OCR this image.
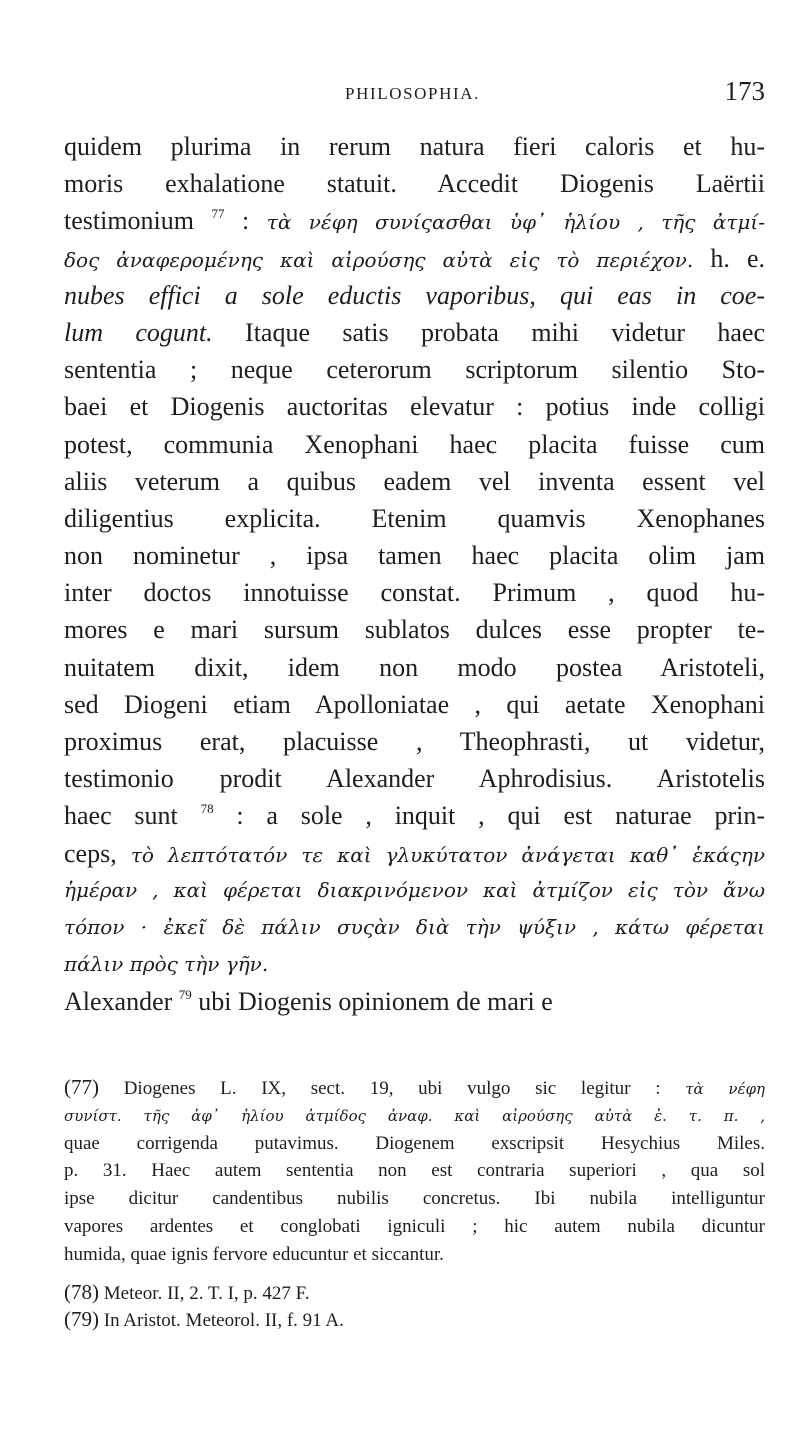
PHILOSOPHIA.	173
quidem plurima in rerum natura fieri caloris et hu-
moris exhalatione statuit. Accedit Diogenis Laërtii
testimonium $^{77}$ : τὰ νέφη συνίςασθαι ὑφ᾽ ἡλίου , τῆς ἀτμί-
δος ἀναφερομένης καὶ αἰρούσης αὐτὰ εἰς τὸ περιέχον. h. e.
nubes effici a sole eductis vaporibus, qui eas in coe-
lum cogunt. Itaque satis probata mihi videtur haec
sententia ; neque ceterorum scriptorum silentio Sto-
baei et Diogenis auctoritas elevatur : potius inde colligi
potest, communia Xenophani haec placita fuisse cum
aliis veterum a quibus eadem vel inventa essent vel
diligentius explicita. Etenim quamvis Xenophanes
non nominetur , ipsa tamen haec placita olim jam
inter doctos innotuisse constat. Primum , quod hu-
mores e mari sursum sublatos dulces esse propter te-
nuitatem dixit, idem non modo postea Aristoteli,
sed Diogeni etiam Apolloniatae , qui aetate Xenophani
proximus erat, placuisse , Theophrasti, ut videtur,
testimonio prodit Alexander Aphrodisius. Aristotelis
haec sunt $^{78}$ : a sole , inquit , qui est naturae prin-
ceps, τὸ λεπτότατόν τε καὶ γλυκύτατον ἀνάγεται καθ᾽ ἑκάςην
ἡμέραν , καὶ φέρεται διακρινόμενον καὶ ἀτμίζον εἰς τὸν ἄνω
τόπον · ἐκεῖ δὲ πάλιν συςὰν διὰ τὴν ψύξιν , κάτω φέρεται
πάλιν πρὸς τὴν γῆν.
Alexander $^{79}$ ubi Diogenis opinionem de mari e
(77) Diogenes L. IX, sect. 19, ubi vulgo sic legitur : τὰ νέφη
συνίστ. τῆς ἀφ᾽ ἡλίου ἀτμίδος ἀναφ. καὶ αἰρούσης αὐτὰ ἑ. τ. π. ,
quae corrigenda putavimus. Diogenem exscripsit Hesychius Miles.
p. 31. Haec autem sententia non est contraria superiori , qua sol
ipse dicitur candentibus nubilis concretus. Ibi nubila intelliguntur
vapores ardentes et conglobati igniculi ; hic autem nubila dicuntur
humida, quae ignis fervore educuntur et siccantur.
(78) Meteor. II, 2. T. I, p. 427 F.
(79) In Aristot. Meteorol. II, f. 91 A.
